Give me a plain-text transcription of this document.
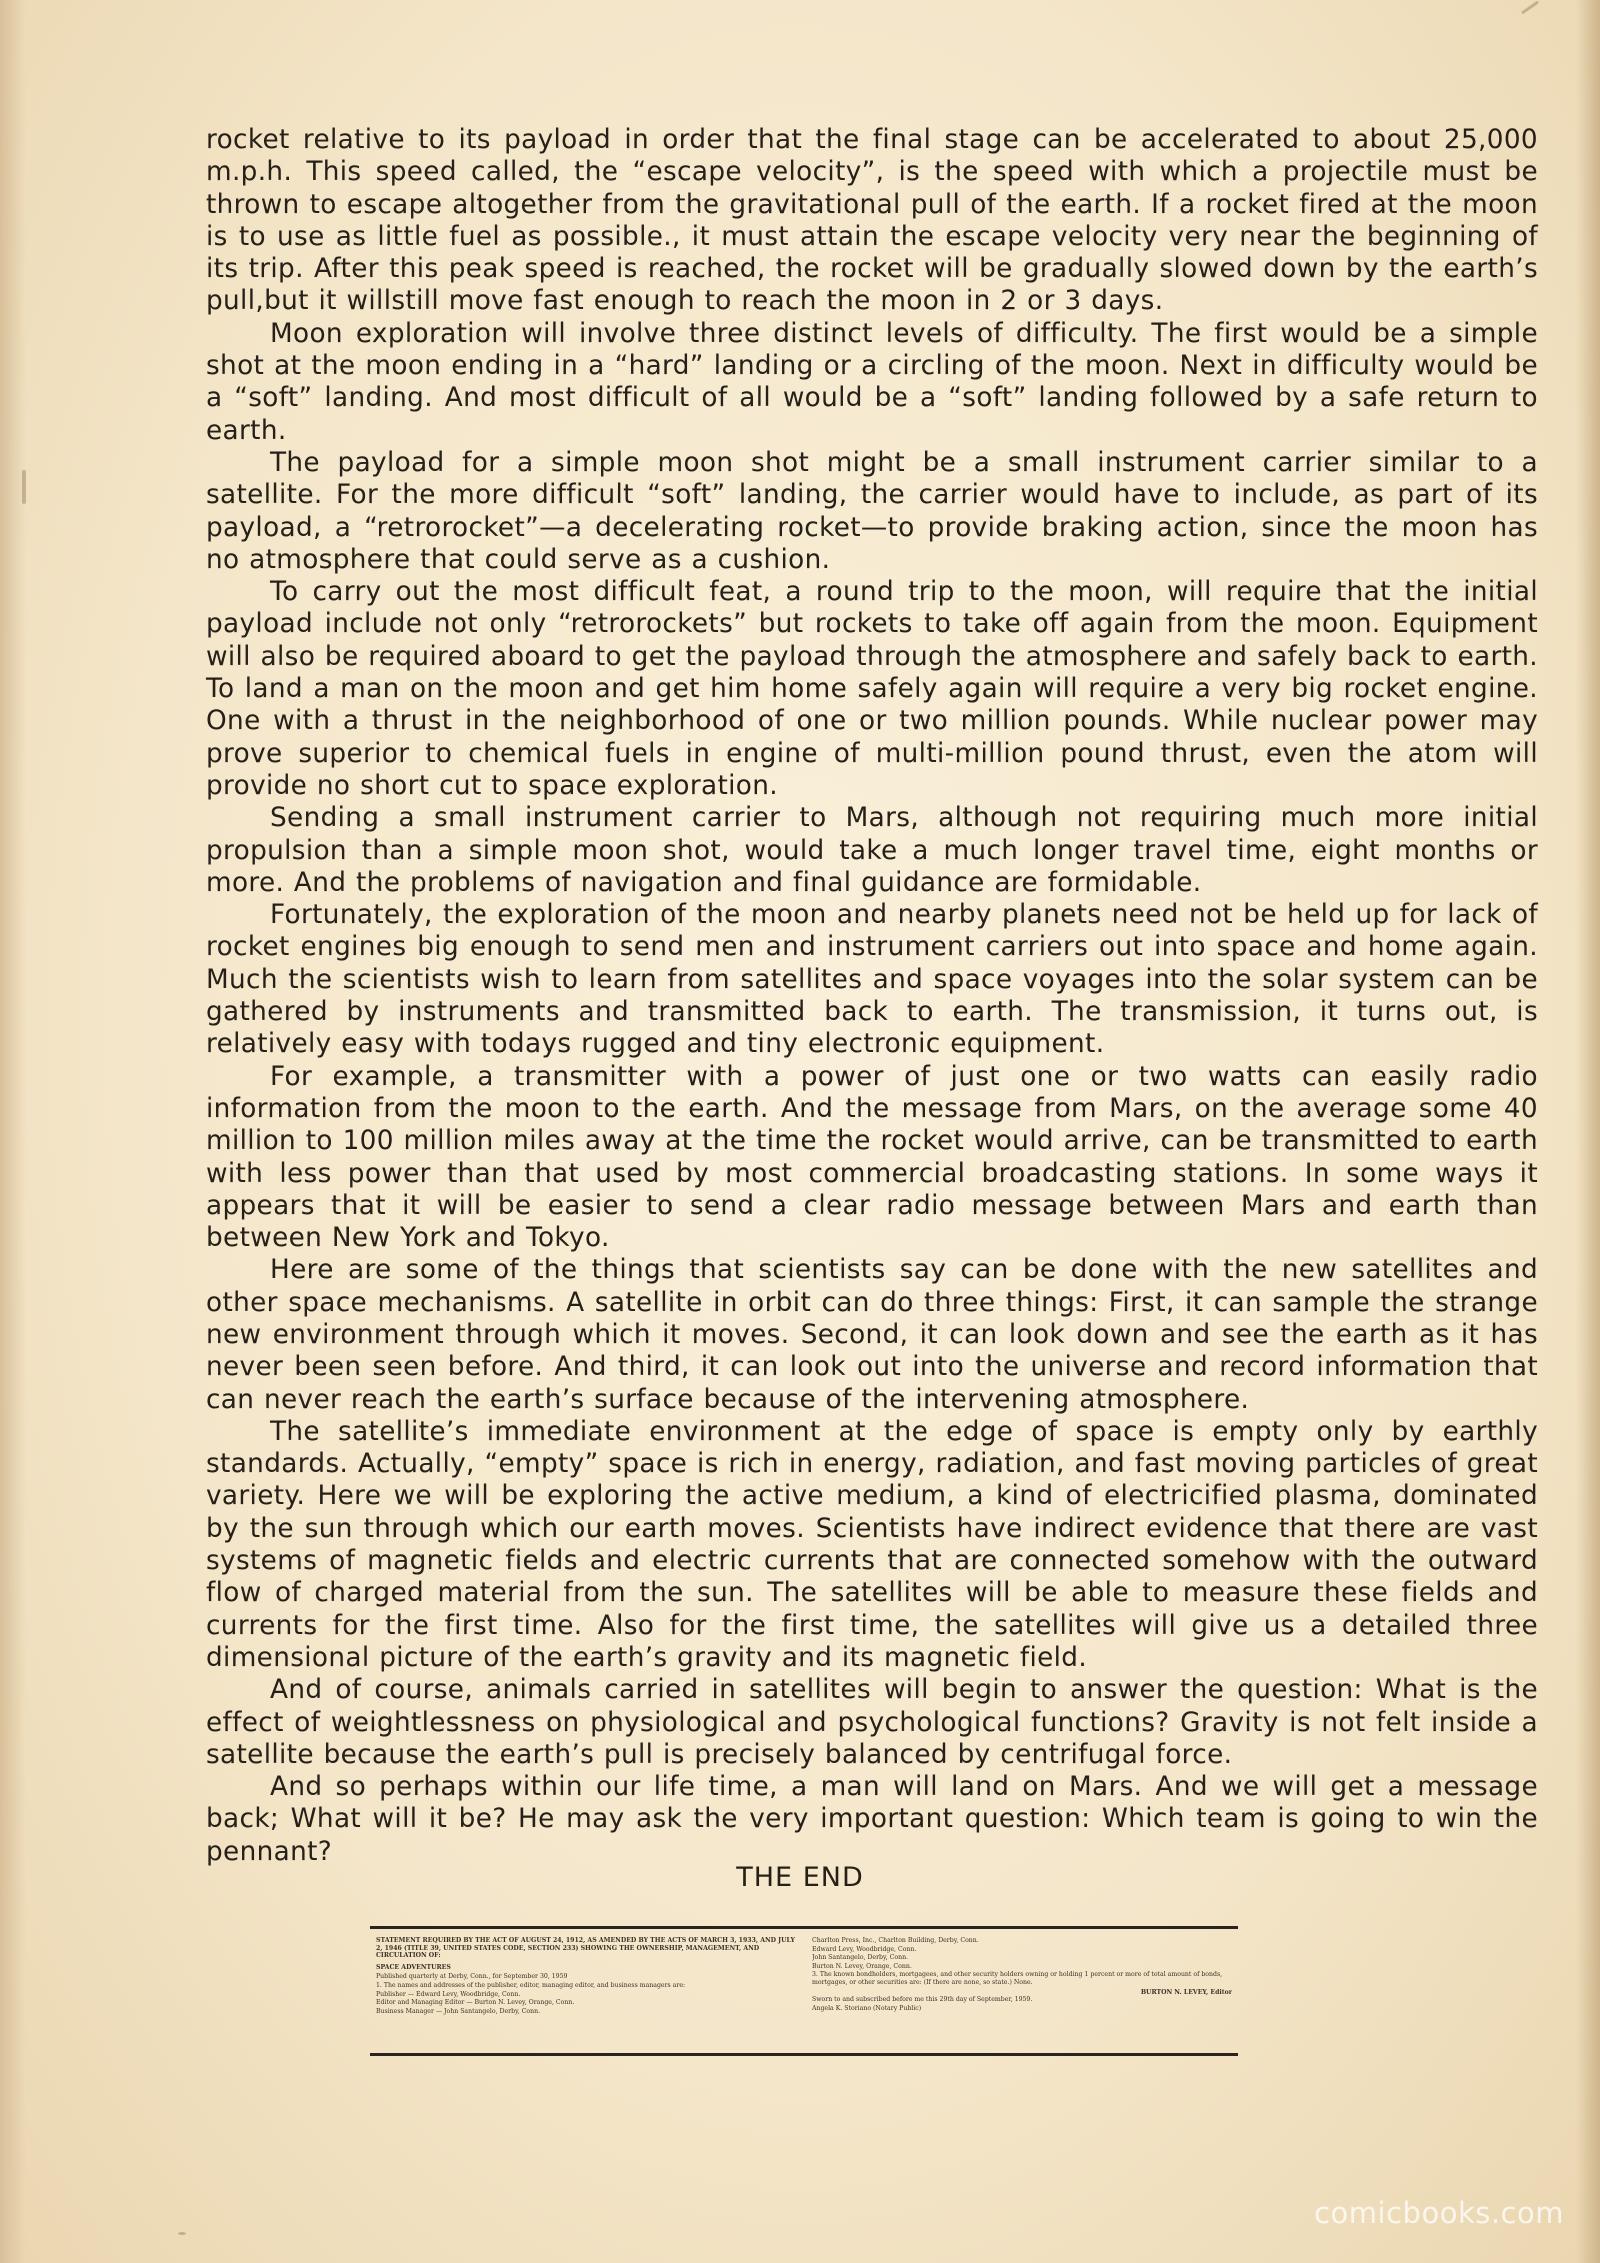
rocket relative to its payload in order that the final stage can be accelerated to about 25,000 m.p.h. This speed called, the “escape velocity”, is the speed with which a projectile must be thrown to escape altogether from the gravitational pull of the earth. If a rocket fired at the moon is to use as little fuel as possible., it must attain the escape velocity very near the beginning of its trip. After this peak speed is reached, the rocket will be gradually slowed down by the earth’s pull,but it willstill move fast enough to reach the moon in 2 or 3 days.

Moon exploration will involve three distinct levels of difficulty. The first would be a simple shot at the moon ending in a “hard” landing or a circling of the moon. Next in difficulty would be a “soft” landing. And most difficult of all would be a “soft” landing followed by a safe return to earth.

The payload for a simple moon shot might be a small instrument carrier similar to a satellite. For the more difficult “soft” landing, the carrier would have to include, as part of its payload, a “retrorocket”—a decelerating rocket—to provide braking action, since the moon has no atmosphere that could serve as a cushion.

To carry out the most difficult feat, a round trip to the moon, will require that the initial payload include not only “retrorockets” but rockets to take off again from the moon. Equipment will also be required aboard to get the payload through the atmosphere and safely back to earth. To land a man on the moon and get him home safely again will require a very big rocket engine. One with a thrust in the neighborhood of one or two million pounds. While nuclear power may prove superior to chemical fuels in engine of multi-million pound thrust, even the atom will provide no short cut to space exploration.

Sending a small instrument carrier to Mars, although not requiring much more initial propulsion than a simple moon shot, would take a much longer travel time, eight months or more. And the problems of navigation and final guidance are formidable.

Fortunately, the exploration of the moon and nearby planets need not be held up for lack of rocket engines big enough to send men and instrument carriers out into space and home again. Much the scientists wish to learn from satellites and space voyages into the solar system can be gathered by instruments and transmitted back to earth. The transmission, it turns out, is relatively easy with todays rugged and tiny electronic equipment.

For example, a transmitter with a power of just one or two watts can easily radio information from the moon to the earth. And the message from Mars, on the average some 40 million to 100 million miles away at the time the rocket would arrive, can be transmitted to earth with less power than that used by most commercial broadcasting stations. In some ways it appears that it will be easier to send a clear radio message between Mars and earth than between New York and Tokyo.

Here are some of the things that scientists say can be done with the new satellites and other space mechanisms. A satellite in orbit can do three things: First, it can sample the strange new environment through which it moves. Second, it can look down and see the earth as it has never been seen before. And third, it can look out into the universe and record information that can never reach the earth’s surface because of the intervening atmosphere.

The satellite’s immediate environment at the edge of space is empty only by earthly standards. Actually, “empty” space is rich in energy, radiation, and fast moving particles of great variety. Here we will be exploring the active medium, a kind of electricified plasma, dominated by the sun through which our earth moves. Scientists have indirect evidence that there are vast systems of magnetic fields and electric currents that are connected somehow with the outward flow of charged material from the sun. The satellites will be able to measure these fields and currents for the first time. Also for the first time, the satellites will give us a detailed three dimensional picture of the earth’s gravity and its magnetic field.

And of course, animals carried in satellites will begin to answer the question: What is the effect of weightlessness on physiological and psychological functions? Gravity is not felt inside a satellite because the earth’s pull is precisely balanced by centrifugal force.

And so perhaps within our life time, a man will land on Mars. And we will get a message back; What will it be? He may ask the very important question: Which team is going to win the pennant?

THE END
STATEMENT REQUIRED BY THE ACT OF AUGUST 24, 1912, AS AMENDED BY THE ACTS OF MARCH 3, 1933, AND JULY 2, 1946 (TITLE 39, UNITED STATES CODE, SECTION 233) SHOWING THE OWNERSHIP, MANAGEMENT, AND CIRCULATION OF:
SPACE ADVENTURES
Published quarterly at Derby, Conn., for September 30, 1959
1. The names and addresses of the publisher, editor, managing editor, and business managers are:
Publisher — Edward Levy, Woodbridge, Conn.
Editor and Managing Editor — Burton N. Levey, Orange, Conn.
Business Manager — John Santangelo, Derby, Conn.
Charlton Press, Inc., Charlton Building, Derby, Conn.
Edward Levy, Woodbridge, Conn.
John Santangelo, Derby, Conn.
Burton N. Levey, Orange, Conn.
3. The known bondholders, mortgagees, and other security holders owning or holding 1 percent or more of total amount of bonds, mortgages, or other securities are: (If there are none, so state.) None.
BURTON N. LEVEY, Editor
Sworn to and subscribed before me this 29th day of September, 1959.
Angela K. Storiano (Notary Public)
comicbooks.com
